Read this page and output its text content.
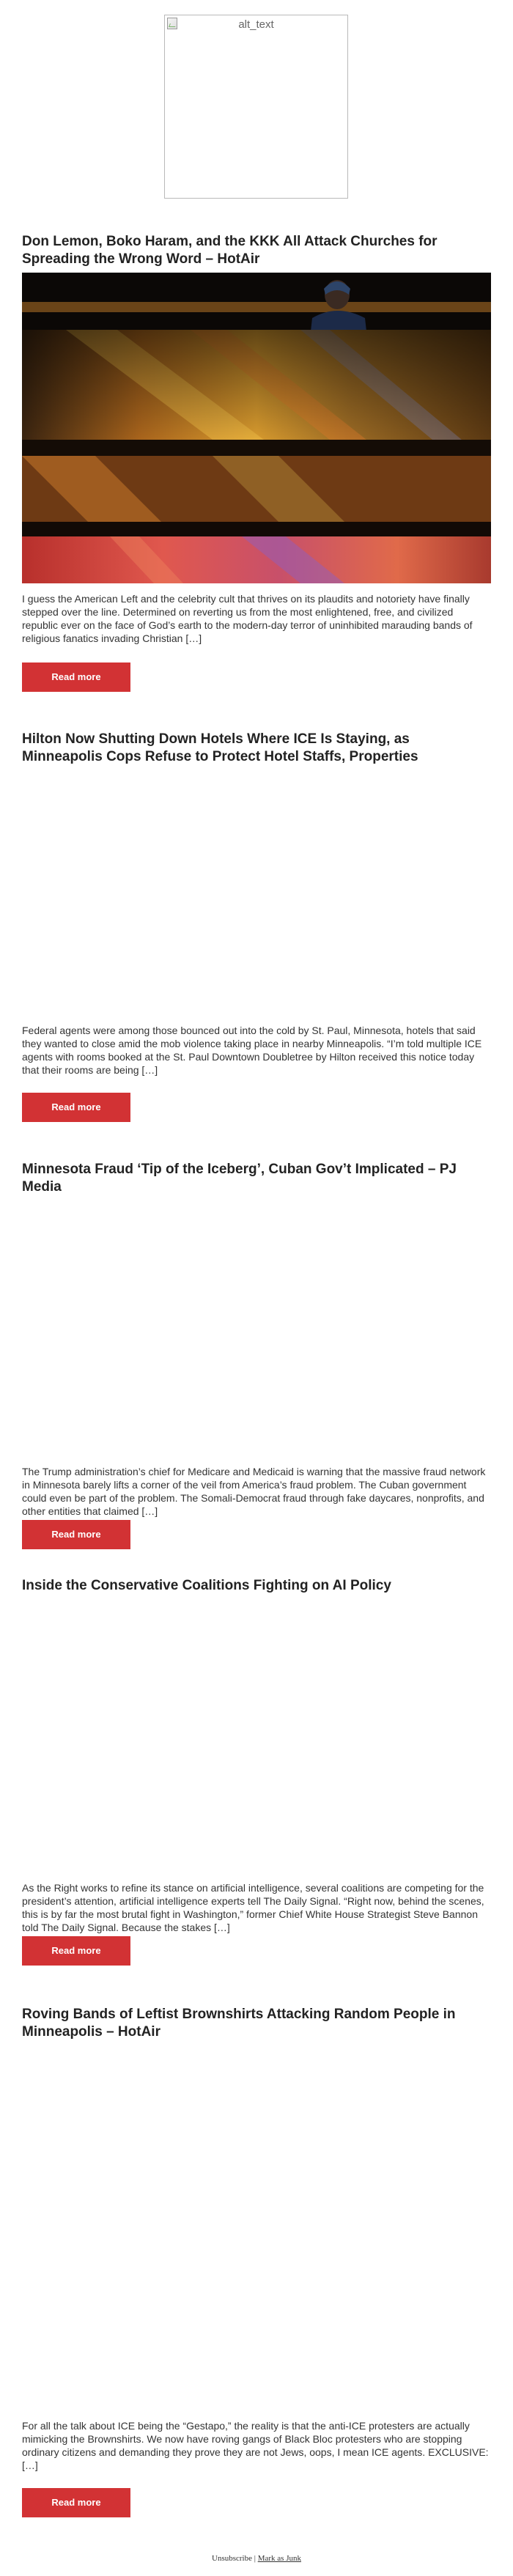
alt_text
Don Lemon, Boko Haram, and the KKK All Attack Churches for Spreading the Wrong Word – HotAir

I guess the American Left and the celebrity cult that thrives on its plaudits and notoriety have finally stepped over the line. Determined on reverting us from the most enlightened, free, and civilized republic ever on the face of God’s earth to the modern-day terror of uninhibited marauding bands of religious fanatics invading Christian […]

Read more
Hilton Now Shutting Down Hotels Where ICE Is Staying, as Minneapolis Cops Refuse to Protect Hotel Staffs, Properties

Federal agents were among those bounced out into the cold by St. Paul, Minnesota, hotels that said they wanted to close amid the mob violence taking place in nearby Minneapolis. “I’m told multiple ICE agents with rooms booked at the St. Paul Downtown Doubletree by Hilton received this notice today that their rooms are being […]

Read more
Minnesota Fraud ‘Tip of the Iceberg’, Cuban Gov’t Implicated – PJ Media

The Trump administration’s chief for Medicare and Medicaid is warning that the massive fraud network in Minnesota barely lifts a corner of the veil from America’s fraud problem. The Cuban government could even be part of the problem. The Somali-Democrat fraud through fake daycares, nonprofits, and other entities that claimed […]

Read more
Inside the Conservative Coalitions Fighting on AI Policy

As the Right works to refine its stance on artificial intelligence, several coalitions are competing for the president’s attention, artificial intelligence experts tell The Daily Signal. “Right now, behind the scenes, this is by far the most brutal fight in Washington,” former Chief White House Strategist Steve Bannon told The Daily Signal. Because the stakes […]

Read more
Roving Bands of Leftist Brownshirts Attacking Random People in Minneapolis – HotAir

For all the talk about ICE being the “Gestapo,” the reality is that the anti-ICE protesters are actually mimicking the Brownshirts. We now have roving gangs of Black Bloc protesters who are stopping ordinary citizens and demanding they prove they are not Jews, oops, I mean ICE agents. EXCLUSIVE: […]

Read more
Unsubscribe | Mark as Junk
